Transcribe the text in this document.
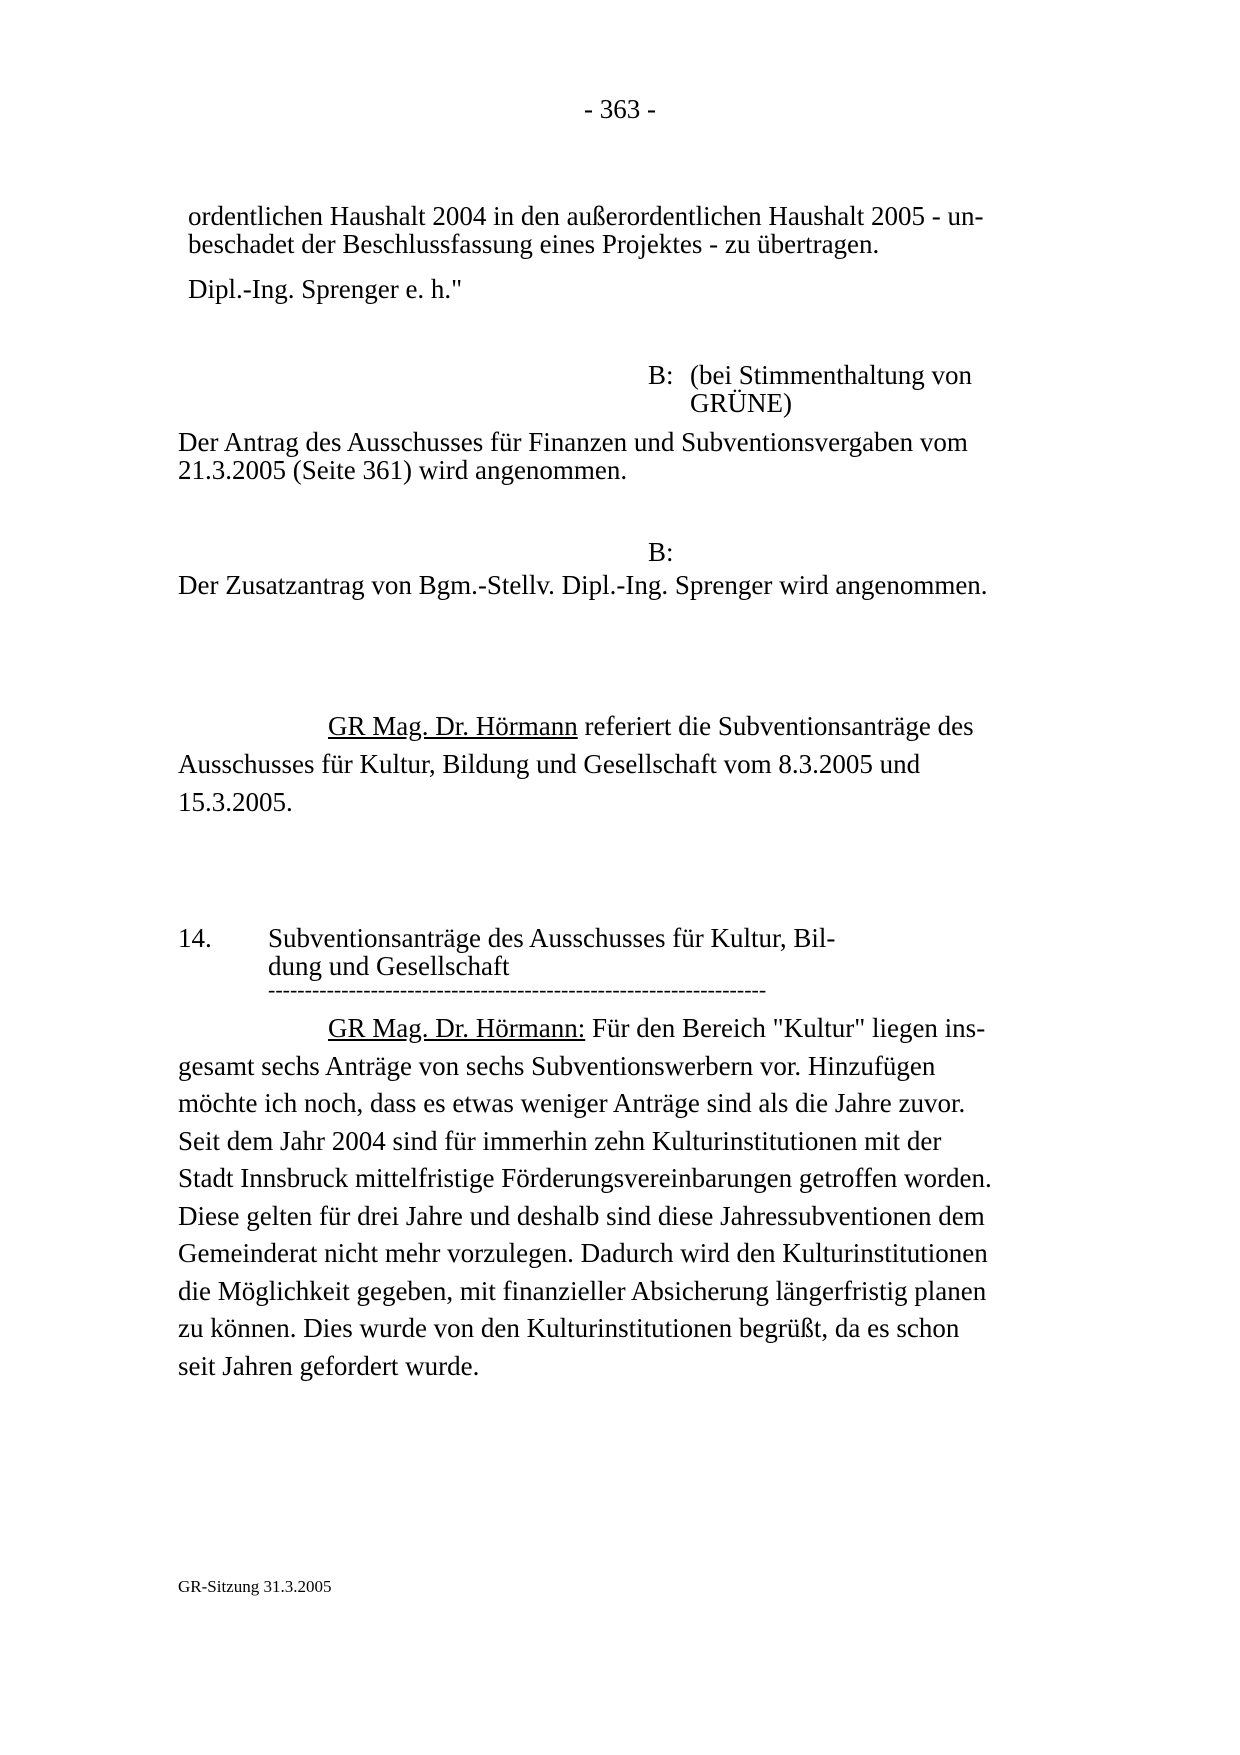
- 363 -
ordentlichen Haushalt 2004 in den außerordentlichen Haushalt 2005 - un-
beschadet der Beschlussfassung eines Projektes - zu übertragen.
Dipl.-Ing. Sprenger e. h."
B: (bei Stimmenthaltung von
GRÜNE)
Der Antrag des Ausschusses für Finanzen und Subventionsvergaben vom
21.3.2005 (Seite 361) wird angenommen.
B:
Der Zusatzantrag von Bgm.-Stellv. Dipl.-Ing. Sprenger wird angenommen.
GR Mag. Dr. Hörmann referiert die Subventionsanträge des
Ausschusses für Kultur, Bildung und Gesellschaft vom 8.3.2005 und
15.3.2005.
14. Subventionsanträge des Ausschusses für Kultur, Bil-
dung und Gesellschaft
--------------------------------------------------------------------
GR Mag. Dr. Hörmann: Für den Bereich "Kultur" liegen ins-
gesamt sechs Anträge von sechs Subventionswerbern vor. Hinzufügen
möchte ich noch, dass es etwas weniger Anträge sind als die Jahre zuvor.
Seit dem Jahr 2004 sind für immerhin zehn Kulturinstitutionen mit der
Stadt Innsbruck mittelfristige Förderungsvereinbarungen getroffen worden.
Diese gelten für drei Jahre und deshalb sind diese Jahressubventionen dem
Gemeinderat nicht mehr vorzulegen. Dadurch wird den Kulturinstitutionen
die Möglichkeit gegeben, mit finanzieller Absicherung längerfristig planen
zu können. Dies wurde von den Kulturinstitutionen begrüßt, da es schon
seit Jahren gefordert wurde.
GR-Sitzung 31.3.2005
